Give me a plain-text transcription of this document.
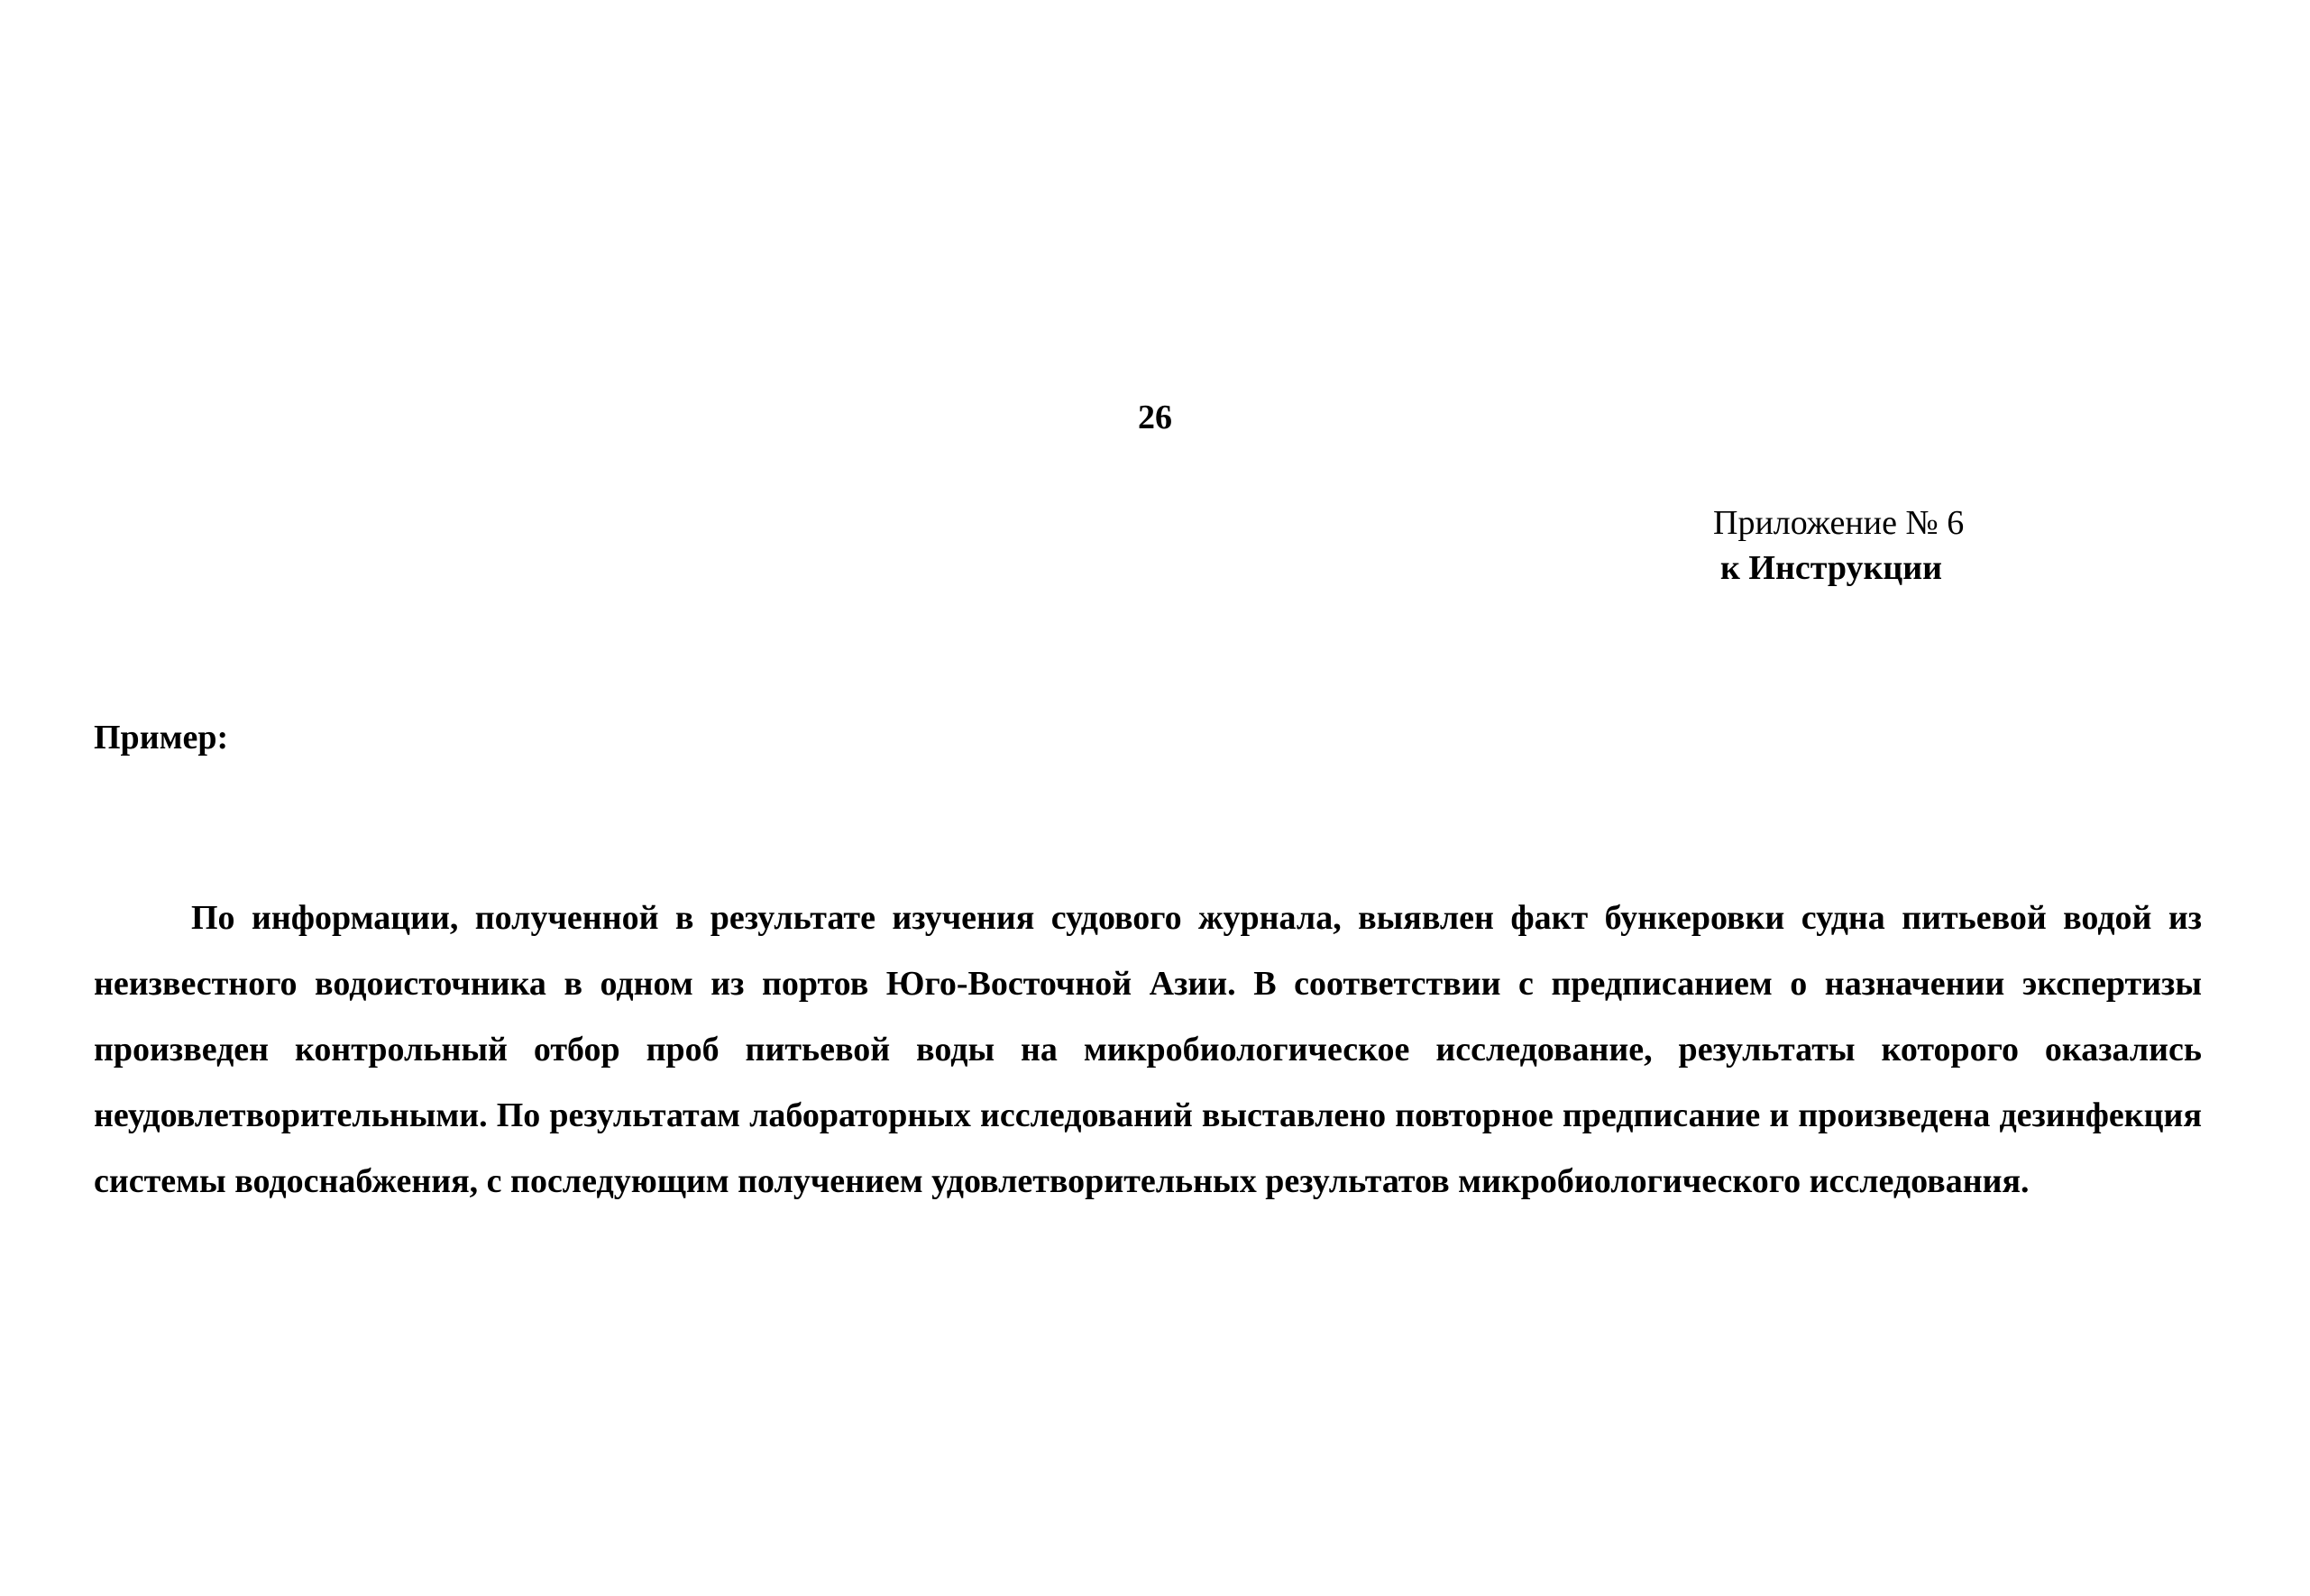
26
Приложение № 6
к Инструкции
Пример:

По информации, полученной в результате изучения судового журнала, выявлен факт бункеровки судна питьевой водой из неизвестного водоисточника в одном из портов Юго-Восточной Азии. В соответствии с предписанием о назначении экспертизы произведен контрольный отбор проб питьевой воды на микробиологическое исследование, результаты которого оказались неудовлетворительными. По результатам лабораторных исследований выставлено повторное предписание и произведена дезинфекция системы водоснабжения, с последующим получением удовлетворительных результатов микробиологического исследования.
